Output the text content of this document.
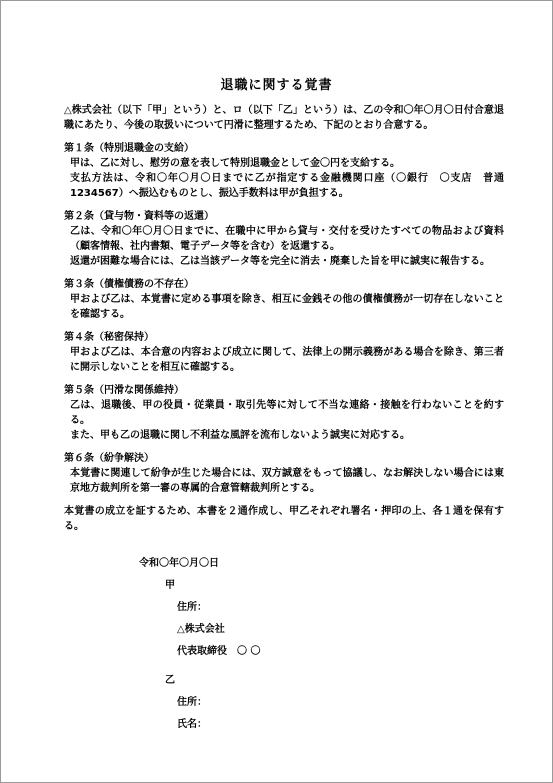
退職に関する覚書

△株式会社（以下「甲」という）と、ロ（以下「乙」という）は、乙の令和〇年〇月〇日付合意退職にあたり、今後の取扱いについて円滑に整理するため、下記のとおり合意する。

第１条（特別退職金の支給）

甲は、乙に対し、慰労の意を表して特別退職金として金〇円を支給する。

支払方法は、令和〇年〇月〇日までに乙が指定する金融機関口座（〇銀行　〇支店　普通 1234567）へ振込むものとし、振込手数料は甲が負担する。

第２条（貸与物・資料等の返還）

乙は、令和〇年〇月〇日までに、在職中に甲から貸与・交付を受けたすべての物品および資料（顧客情報、社内書類、電子データ等を含む）を返還する。

返還が困難な場合には、乙は当該データ等を完全に消去・廃棄した旨を甲に誠実に報告する。

第３条（債権債務の不存在）

甲および乙は、本覚書に定める事項を除き、相互に金銭その他の債権債務が一切存在しないことを確認する。

第４条（秘密保持）

甲および乙は、本合意の内容および成立に関して、法律上の開示義務がある場合を除き、第三者に開示しないことを相互に確認する。

第５条（円滑な関係維持）

乙は、退職後、甲の役員・従業員・取引先等に対して不当な連絡・接触を行わないことを約する。

また、甲も乙の退職に関し不利益な風評を流布しないよう誠実に対応する。

第６条（紛争解決）

本覚書に関連して紛争が生じた場合には、双方誠意をもって協議し、なお解決しない場合には東京地方裁判所を第一審の専属的合意管轄裁判所とする。

本覚書の成立を証するため、本書を２通作成し、甲乙それぞれ署名・押印の上、各１通を保有する。

令和〇年〇月〇日
甲
住所：
△株式会社
代表取締役　〇 〇
乙
住所：
氏名：
